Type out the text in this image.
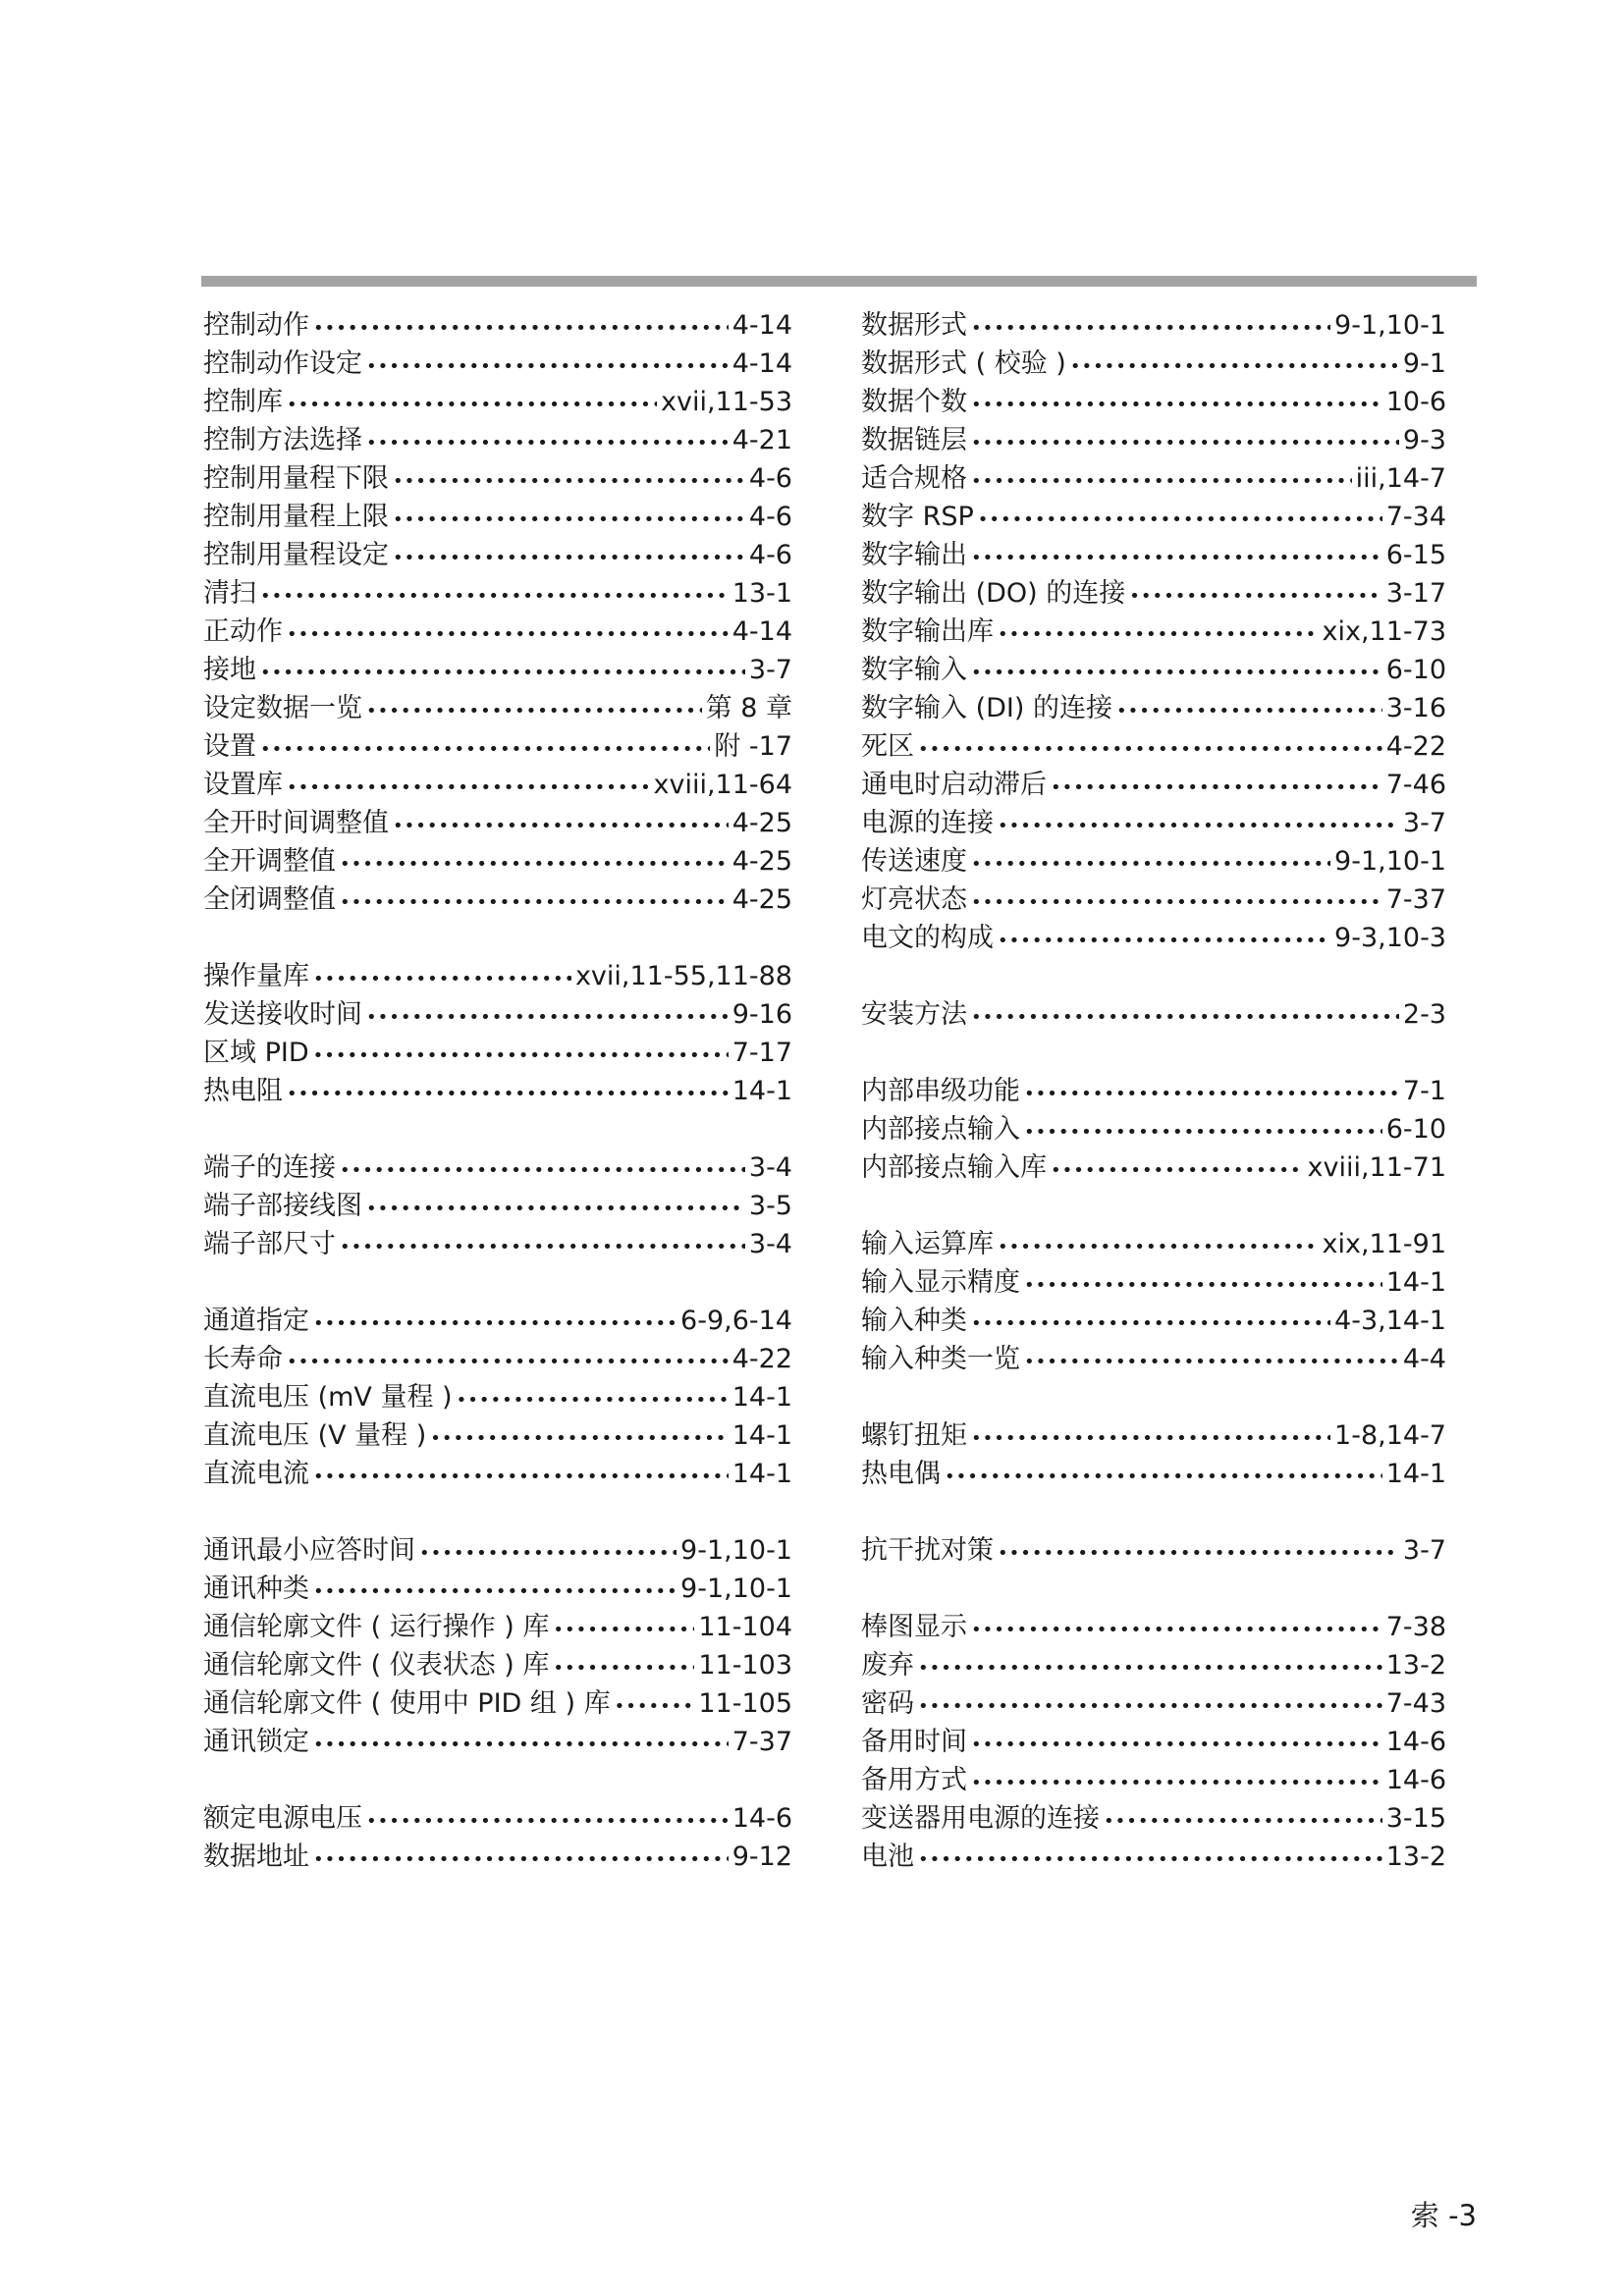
控制动作 •••••	4-14
控制动作设定 •••••	4-14
控制库 •••••	xvii,11-53
控制方法选择 •••••	4-21
控制用量程下限 •••••	4-6
控制用量程上限 •••••	4-6
控制用量程设定 •••••	4-6
清扫 •••••	13-1
正动作 •••••	4-14
接地 •••••	3-7
设定数据一览 •••••	第 8 章
设置 •••••	附 -17
设置库 •••••	xviii,11-64
全开时间调整值 •••••	4-25
全开调整值 •••••	4-25
全闭调整值 •••••	4-25
操作量库 •••••	xvii,11-55,11-88
发送接收时间 •••••	9-16
区域 PID •••••	7-17
热电阻 •••••	14-1
端子的连接 •••••	3-4
端子部接线图 •••••	3-5
端子部尺寸 •••••	3-4
通道指定 •••••	6-9,6-14
长寿命 •••••	4-22
直流电压 (mV 量程 ) •••••	14-1
直流电压 (V 量程 ) •••••	14-1
直流电流 •••••	14-1
通讯最小应答时间 •••••	9-1,10-1
通讯种类 •••••	9-1,10-1
通信轮廓文件 ( 运行操作 ) 库 •••••	11-104
通信轮廓文件 ( 仪表状态 ) 库 •••••	11-103
通信轮廓文件 ( 使用中 PID 组 ) 库 •••••	11-105
通讯锁定 •••••	7-37
额定电源电压 •••••	14-6
数据地址 •••••	9-12
数据形式 •••••	9-1,10-1
数据形式 ( 校验 ) •••••	9-1
数据个数 •••••	10-6
数据链层 •••••	9-3
适合规格 •••••	iii,14-7
数字 RSP •••••	7-34
数字输出 •••••	6-15
数字输出 (DO) 的连接 •••••	3-17
数字输出库 •••••	xix,11-73
数字输入 •••••	6-10
数字输入 (DI) 的连接 •••••	3-16
死区 •••••	4-22
通电时启动滞后 •••••	7-46
电源的连接 •••••	3-7
传送速度 •••••	9-1,10-1
灯亮状态 •••••	7-37
电文的构成 •••••	9-3,10-3
安装方法 •••••	2-3
内部串级功能 •••••	7-1
内部接点输入 •••••	6-10
内部接点输入库 •••••	xviii,11-71
输入运算库 •••••	xix,11-91
输入显示精度 •••••	14-1
输入种类 •••••	4-3,14-1
输入种类一览 •••••	4-4
螺钉扭矩 •••••	1-8,14-7
热电偶 •••••	14-1
抗干扰对策 •••••	3-7
棒图显示 •••••	7-38
废弃 •••••	13-2
密码 •••••	7-43
备用时间 •••••	14-6
备用方式 •••••	14-6
变送器用电源的连接 •••••	3-15
电池 •••••	13-2
索 -3
